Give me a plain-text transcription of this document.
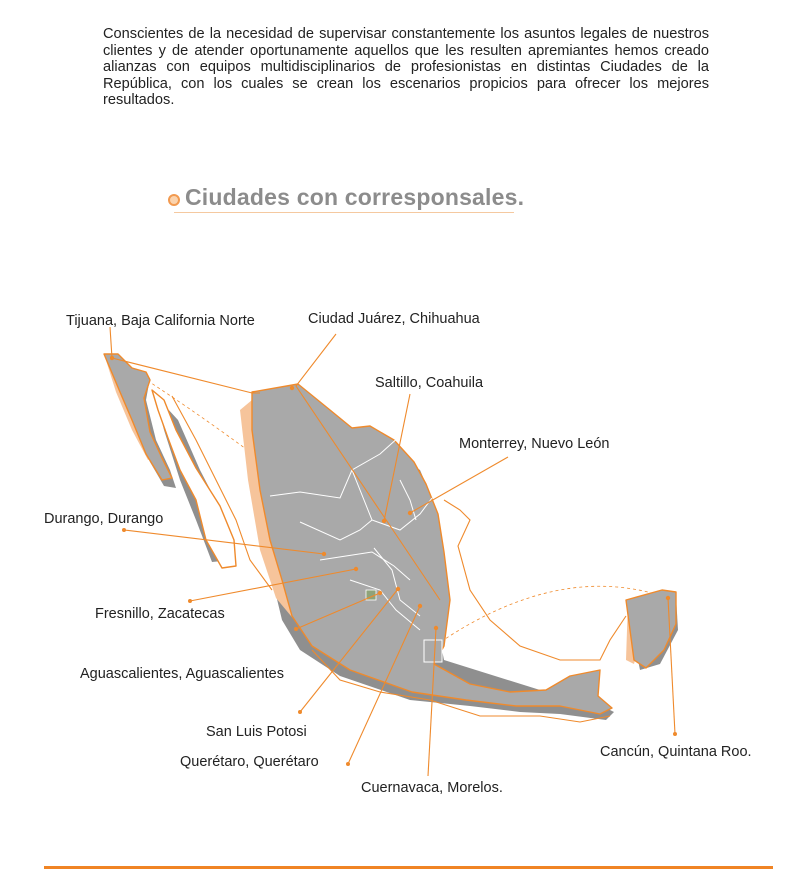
Conscientes de la necesidad de supervisar constantemente los asuntos legales de nuestros clientes y de atender oportunamente aquellos que les resulten apremiantes hemos creado alianzas con equipos multidisciplinarios de profesionistas en distintas Ciudades de la República, con los cuales se crean los escenarios propicios para ofrecer los mejores resultados.
Ciudades con corresponsales.
Tijuana, Baja California Norte	Ciudad Juárez, Chihuahua
Saltillo, Coahuila
Monterrey, Nuevo León
Durango, Durango
Fresnillo, Zacatecas
Aguascalientes, Aguascalientes
San Luis Potosi
Querétaro, Querétaro
Cuernavaca, Morelos.
Cancún, Quintana Roo.
